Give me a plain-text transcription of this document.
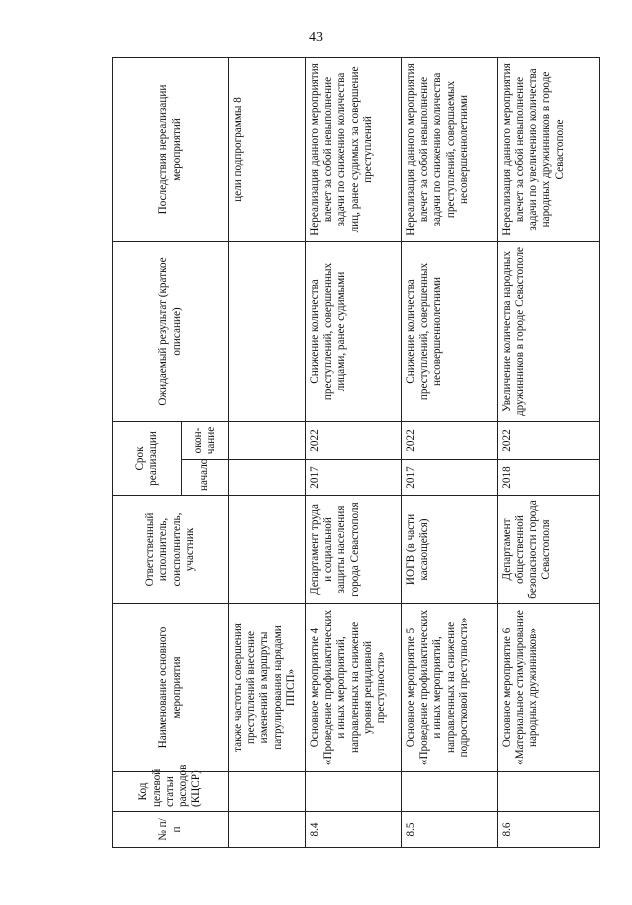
43
№ п/п	Код целевой статьи расходов (КЦСР)	Наименование основного мероприятия	Ответственный исполнитель, соисполнитель, участник	Срок реализации		Ожидаемый результат (краткое описание)	Последствия нереализации мероприятий
				начало	окон-чание		
		также частоты совершения преступлений внесение изменений в маршруты патрулирования нарядами ППСП»					цели подпрограммы 8
8.4		Основное мероприятие 4 «Проведение профилактических и иных мероприятий, направленных на снижение уровня рецидивной преступности»	Департамент труда и социальной защиты населения города Севастополя	2017	2022	Снижение количества преступлений, совершенных лицами, ранее судимыми	Нереализация данного мероприятия влечет за собой невыполнение задачи по снижению количества лиц, ранее судимых за совершение преступлений
8.5		Основное мероприятие 5 «Проведение профилактических и иных мероприятий, направленных на снижение подростковой преступности»	ИОГВ (в части касающейся)	2017	2022	Снижение количества преступлений, совершенных несовершеннолетними	Нереализация данного мероприятия влечет за собой невыполнение задачи по снижению количества преступлений, совершаемых несовершеннолетними
8.6		Основное мероприятие 6 «Материальное стимулирование народных дружинников»	Департамент общественной безопасности города Севастополя	2018	2022	Увеличение количества народных дружинников в городе Севастополе	Нереализация данного мероприятия влечет за собой невыполнение задачи по увеличению количества народных дружинников в городе Севастополе
